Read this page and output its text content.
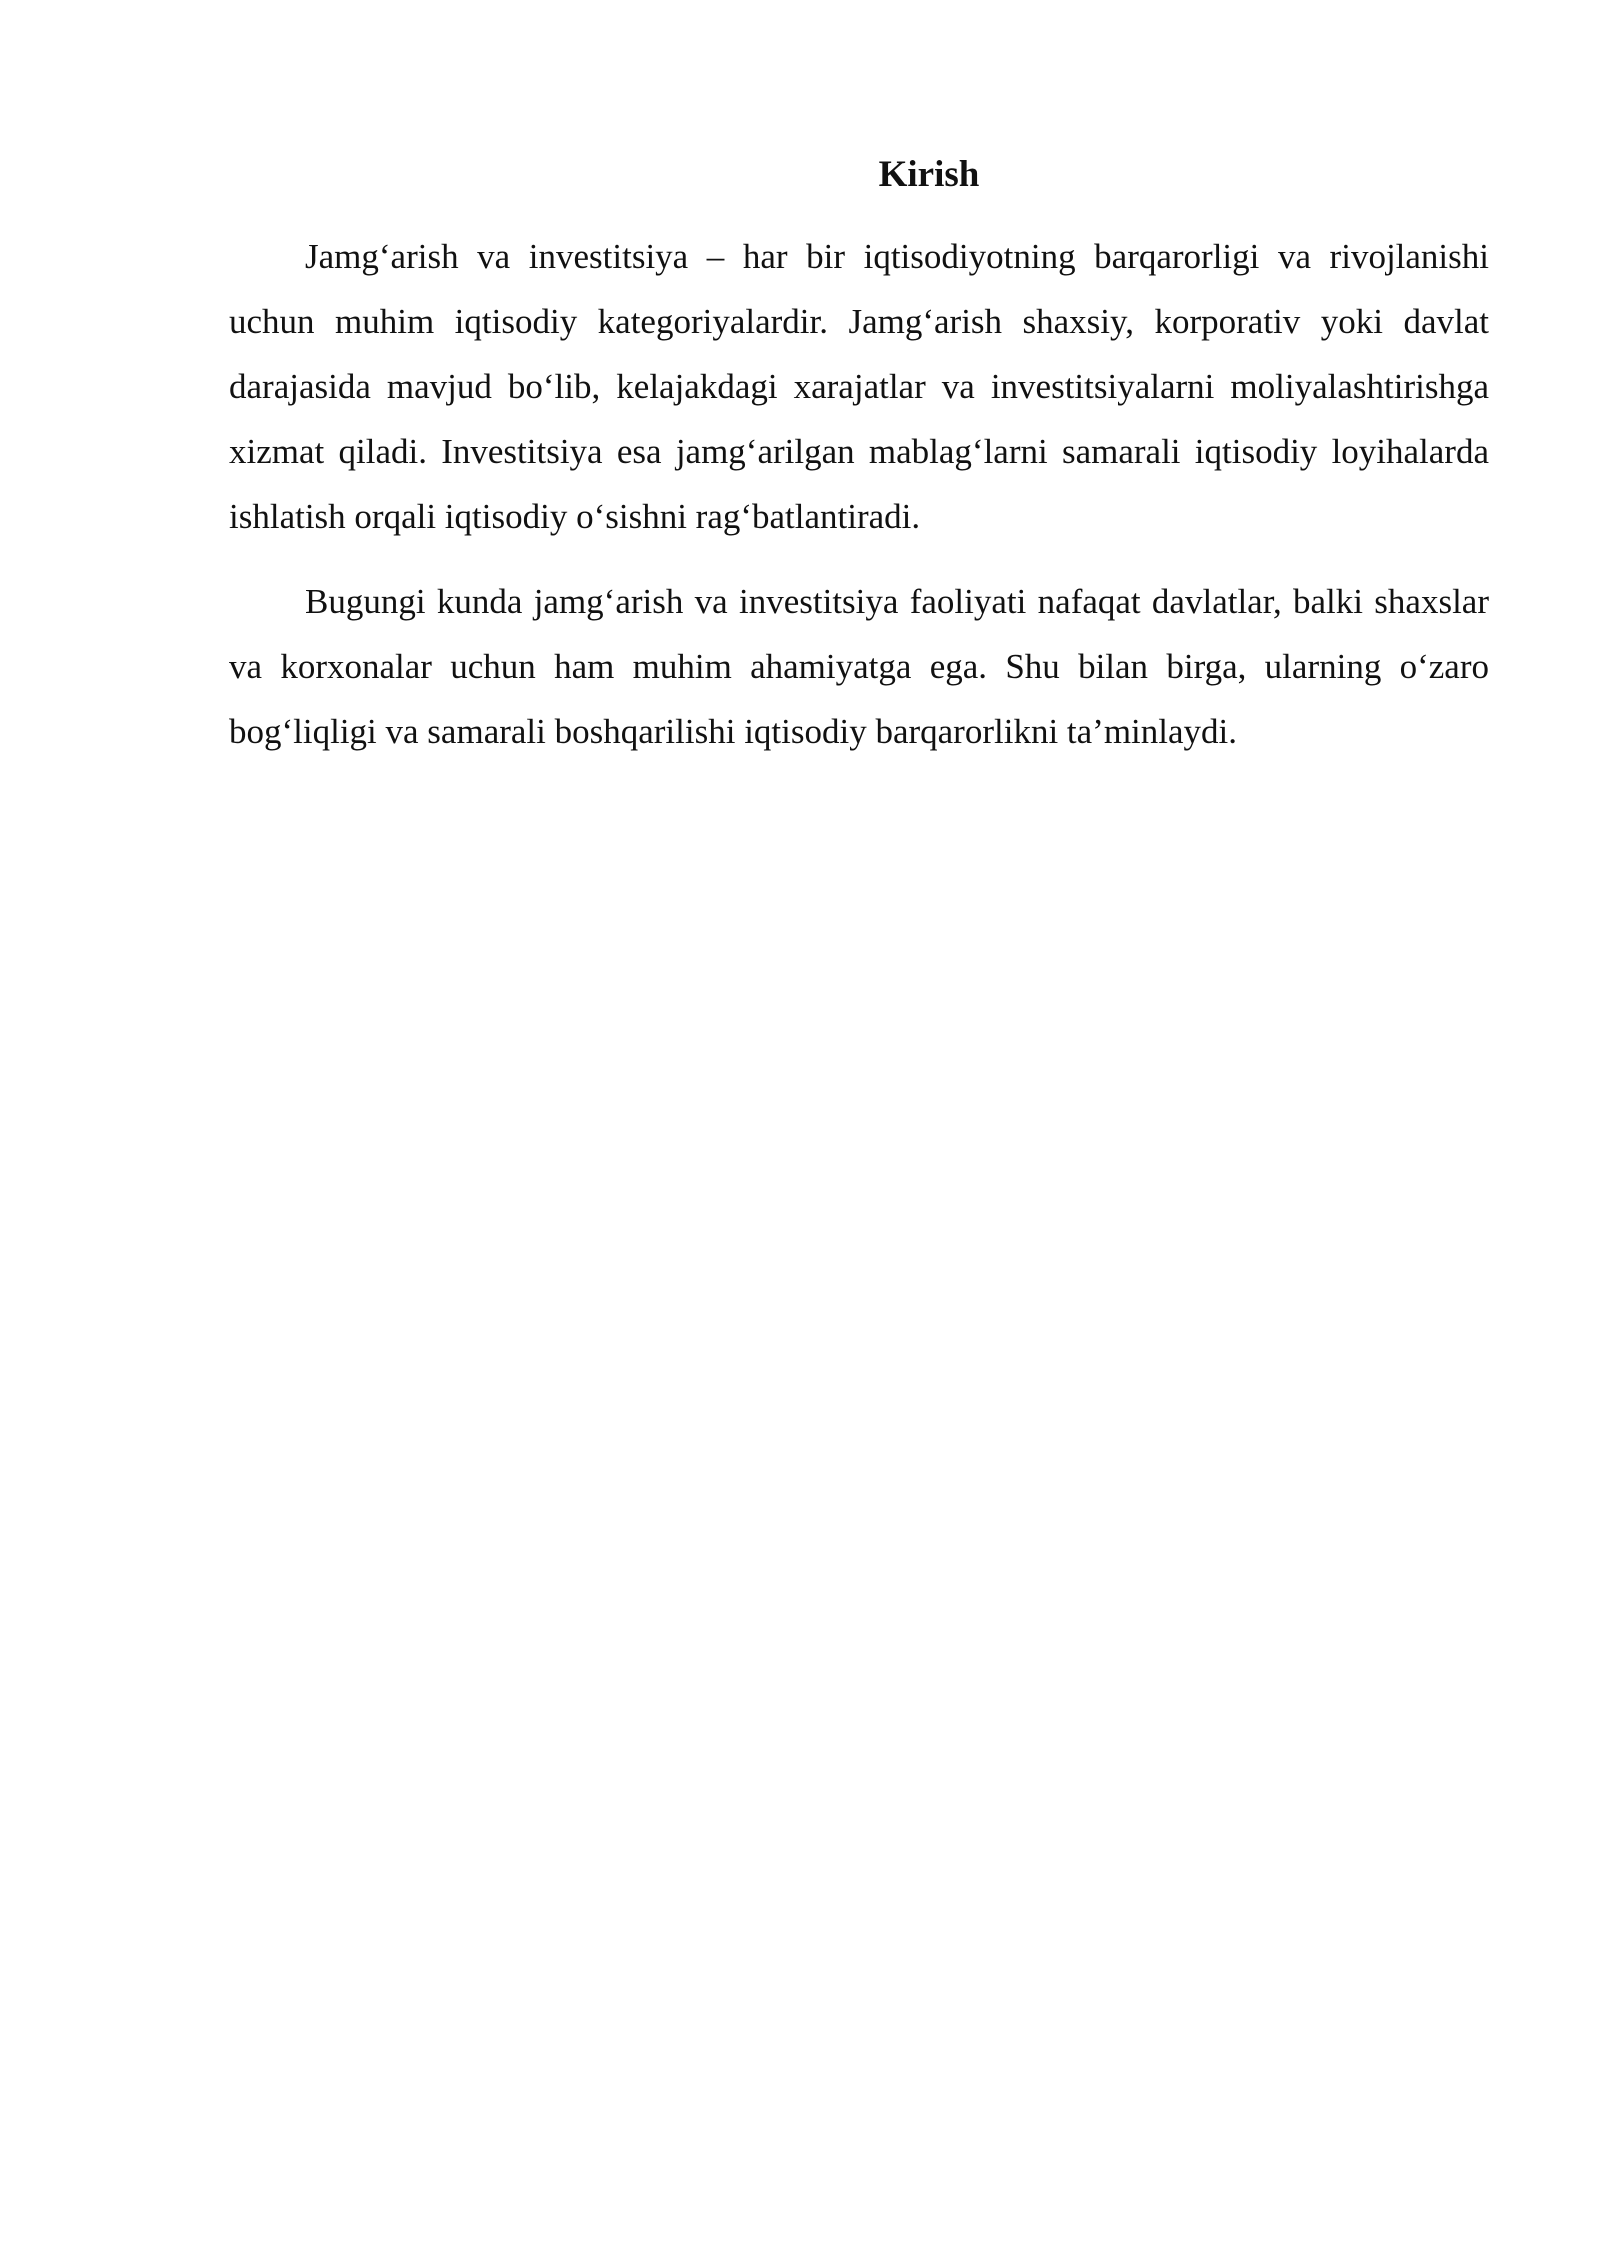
Kirish

Jamg‘arish va investitsiya – har bir iqtisodiyotning barqarorligi va rivojlanishi uchun muhim iqtisodiy kategoriyalardir. Jamg‘arish shaxsiy, korporativ yoki davlat darajasida mavjud bo‘lib, kelajakdagi xarajatlar va investitsiyalarni moliyalashtirishga xizmat qiladi. Investitsiya esa jamg‘arilgan mablag‘larni samarali iqtisodiy loyihalarda ishlatish orqali iqtisodiy o‘sishni rag‘batlantiradi.

Bugungi kunda jamg‘arish va investitsiya faoliyati nafaqat davlatlar, balki shaxslar va korxonalar uchun ham muhim ahamiyatga ega. Shu bilan birga, ularning o‘zaro bog‘liqligi va samarali boshqarilishi iqtisodiy barqarorlikni ta’minlaydi.
